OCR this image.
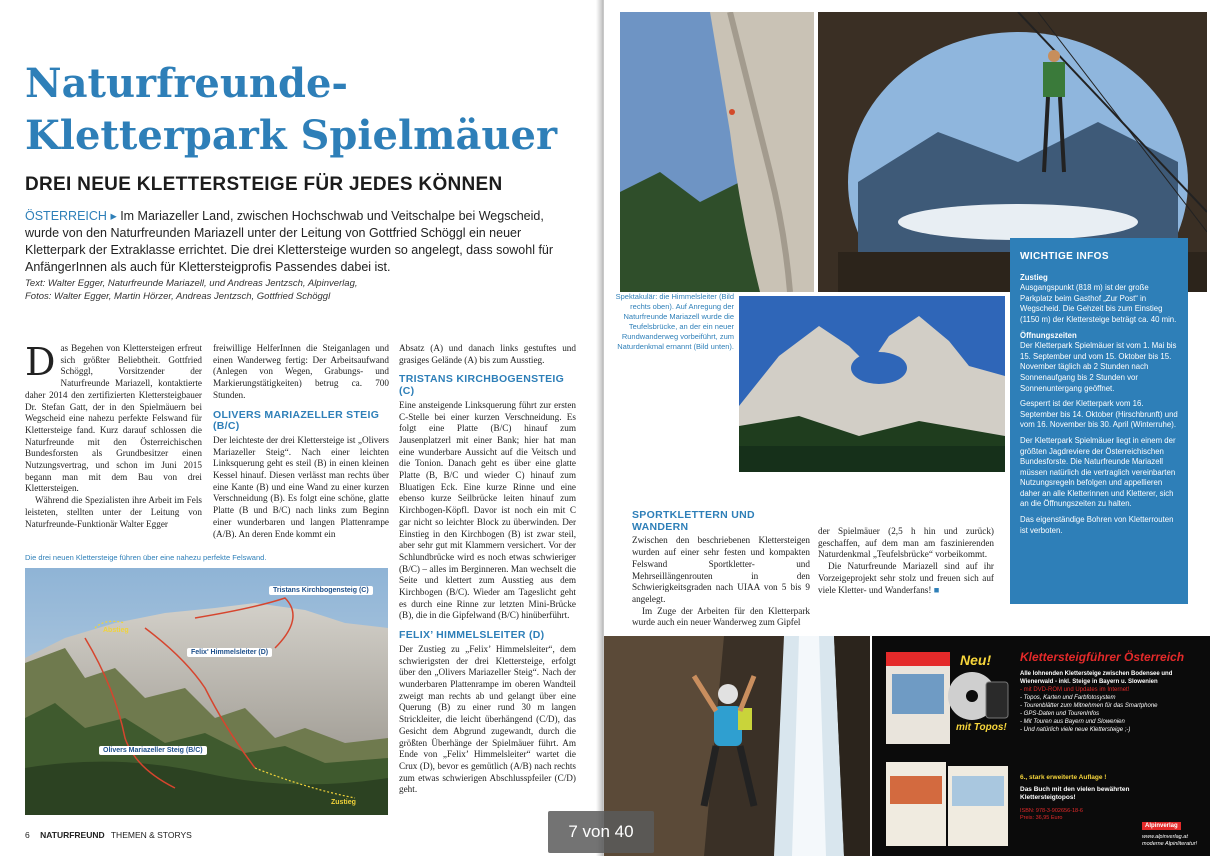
Naturfreunde-
Kletterpark Spielmäuer
DREI NEUE KLETTERSTEIGE FÜR JEDES KÖNNEN
ÖSTERREICH ▸ Im Mariazeller Land, zwischen Hochschwab und Veitschalpe bei Wegscheid, wurde von den Naturfreunden Mariazell unter der Leitung von Gottfried Schöggl ein neuer Kletterpark der Extraklasse errichtet. Die drei Klettersteige wurden so angelegt, dass sowohl für AnfängerInnen als auch für Klettersteigprofis Passendes dabei ist.
Text: Walter Egger, Naturfreunde Mariazell, und Andreas Jentzsch, Alpinverlag,
Fotos: Walter Egger, Martin Hörzer, Andreas Jentzsch, Gottfried Schöggl

Das Begehen von Klettersteigen erfreut sich größter Beliebtheit. Gottfried Schöggl, Vorsitzender der Naturfreunde Mariazell, kontaktierte daher 2014 den zertifizierten Klettersteigbauer Dr. Stefan Gatt, der in den Spielmäuern bei Wegscheid eine nahezu perfekte Felswand für Klettersteige fand. Kurz darauf schlossen die Naturfreunde mit den Österreichischen Bundesforsten als Grundbesitzer einen Nutzungsvertrag, und schon im Juni 2015 begann man mit dem Bau von drei Klettersteigen.

Während die Spezialisten ihre Arbeit im Fels leisteten, stellten unter der Leitung von Naturfreunde-Funktionär Walter Egger

freiwillige HelferInnen die Steiganlagen und einen Wanderweg fertig: Der Arbeitsaufwand (Anlegen von Wegen, Grabungs- und Markierungstätigkeiten) betrug ca. 700 Stunden.

OLIVERS MARIAZELLER STEIG (B/C)

Der leichteste der drei Klettersteige ist „Olivers Mariazeller Steig“. Nach einer leichten Linksquerung geht es steil (B) in einen kleinen Kessel hinauf. Diesen verlässt man rechts über eine Kante (B) und eine Wand zu einer kurzen Verschneidung (B). Es folgt eine schöne, glatte Platte (B und B/C) nach links zum Beginn einer wunderbaren und langen Plattenrampe (A/B). An deren Ende kommt ein

Absatz (A) und danach links gestuftes und grasiges Gelände (A) bis zum Ausstieg.

TRISTANS KIRCHBOGENSTEIG (C)

Eine ansteigende Linksquerung führt zur ersten C-Stelle bei einer kurzen Verschneidung. Es folgt eine Platte (B/C) hinauf zum Jausenplatzerl mit einer Bank; hier hat man eine wunderbare Aussicht auf die Veitsch und die Tonion. Danach geht es über eine glatte Platte (B, B/C und wieder C) hinauf zum Bluatigen Eck. Eine kurze Rinne und eine ebenso kurze Seilbrücke leiten hinauf zum Kirchbogen-Köpfl. Davor ist noch ein mit C gar nicht so leichter Block zu überwinden. Der Einstieg in den Kirchbogen (B) ist zwar steil, aber sehr gut mit Klammern versichert. Vor der Schlundbrücke wird es noch etwas schwieriger (B/C) – alles im Berginneren. Man wechselt die Seite und klettert zum Ausstieg aus dem Kirchbogen (B/C). Wieder am Tageslicht geht es durch eine Rinne zur letzten Mini-Brücke (B), die in die Gipfelwand (B/C) hinüberführt.

FELIX’ HIMMELSLEITER (D)

Der Zustieg zu „Felix’ Himmelsleiter“, dem schwierigsten der drei Klettersteige, erfolgt über den „Olivers Mariazeller Steig“. Nach der wunderbaren Plattenrampe im oberen Wandteil zweigt man rechts ab und gelangt über eine Querung (B) zu einer rund 30 m langen Strickleiter, die leicht überhängend (C/D), das Gesicht dem Abgrund zugewandt, durch die größten Überhänge der Spielmäuer führt. Am Ende von „Felix’ Himmelsleiter“ wartet die Crux (D), bevor es gemütlich (A/B) nach rechts zum etwas schwierigen Abschlusspfeiler (C/D) geht.

Die drei neuen Klettersteige führen über eine nahezu perfekte Felswand.
Tristans Kirchbogensteig (C)
Felix' Himmelsleiter (D)
Olivers Mariazeller Steig (B/C)
Abstieg
Zustieg
6 NATURFREUND THEMEN & STORYS
Spektakulär: die Himmelsleiter (Bild rechts oben). Auf Anregung der Naturfreunde Mariazell wurde die Teufelsbrücke, an der ein neuer Rundwanderweg vorbeiführt, zum Naturdenkmal ernannt (Bild unten).
WICHTIGE INFOS
Zustieg

Ausgangspunkt (818 m) ist der große Parkplatz beim Gasthof „Zur Post“ in Wegscheid. Die Gehzeit bis zum Einstieg (1150 m) der Klettersteige beträgt ca. 40 min.

Öffnungszeiten

Der Kletterpark Spielmäuer ist vom 1. Mai bis 15. September und vom 15. Oktober bis 15. November täglich ab 2 Stunden nach Sonnenaufgang bis 2 Stunden vor Sonnenuntergang geöffnet.

Gesperrt ist der Kletterpark vom 16. September bis 14. Oktober (Hirschbrunft) und vom 16. November bis 30. April (Winterruhe).

Der Kletterpark Spielmäuer liegt in einem der größten Jagdreviere der Österreichischen Bundesforste. Die Naturfreunde Mariazell müssen natürlich die vertraglich vereinbarten Nutzungsregeln befolgen und appellieren daher an alle Kletterinnen und Kletterer, sich an die Öffnungszeiten zu halten.

Das eigenständige Bohren von Kletterrouten ist verboten.

SPORTKLETTERN UND WANDERN

Zwischen den beschriebenen Klettersteigen wurden auf einer sehr festen und kompakten Felswand Sportkletter- und Mehrseillängenrouten in den Schwierigkeitsgraden nach UIAA von 5 bis 9 angelegt.

Im Zuge der Arbeiten für den Kletterpark wurde auch ein neuer Wanderweg zum Gipfel

der Spielmäuer (2,5 h hin und zurück) geschaffen, auf dem man am faszinierenden Naturdenkmal „Teufelsbrücke“ vorbeikommt.

Die Naturfreunde Mariazell sind auf ihr Vorzeigeprojekt sehr stolz und freuen sich auf viele Kletter- und Wanderfans! ■

Neu!
mit Topos!
Klettersteigführer Österreich
Alle lohnenden Klettersteige zwischen Bodensee und Wienerwald - inkl. Steige in Bayern u. Slowenien
- mit DVD-ROM und Updates im Internet!
- Topos, Karten und Farbfotosystem
- Tourenblätter zum Mitnehmen für das Smartphone
- GPS-Daten und TourenInfos
- Mit Touren aus Bayern und Slowenien
- Und natürlich viele neue Klettersteige ;-)
6., stark erweiterte Auflage !
Das Buch mit den vielen bewährten Klettersteigtopos!
ISBN: 978-3-902656-18-6
Preis: 36,95 Euro
Alpinverlag
www.alpinverlag.at
moderne Alpinliteratur!
7 von 40
